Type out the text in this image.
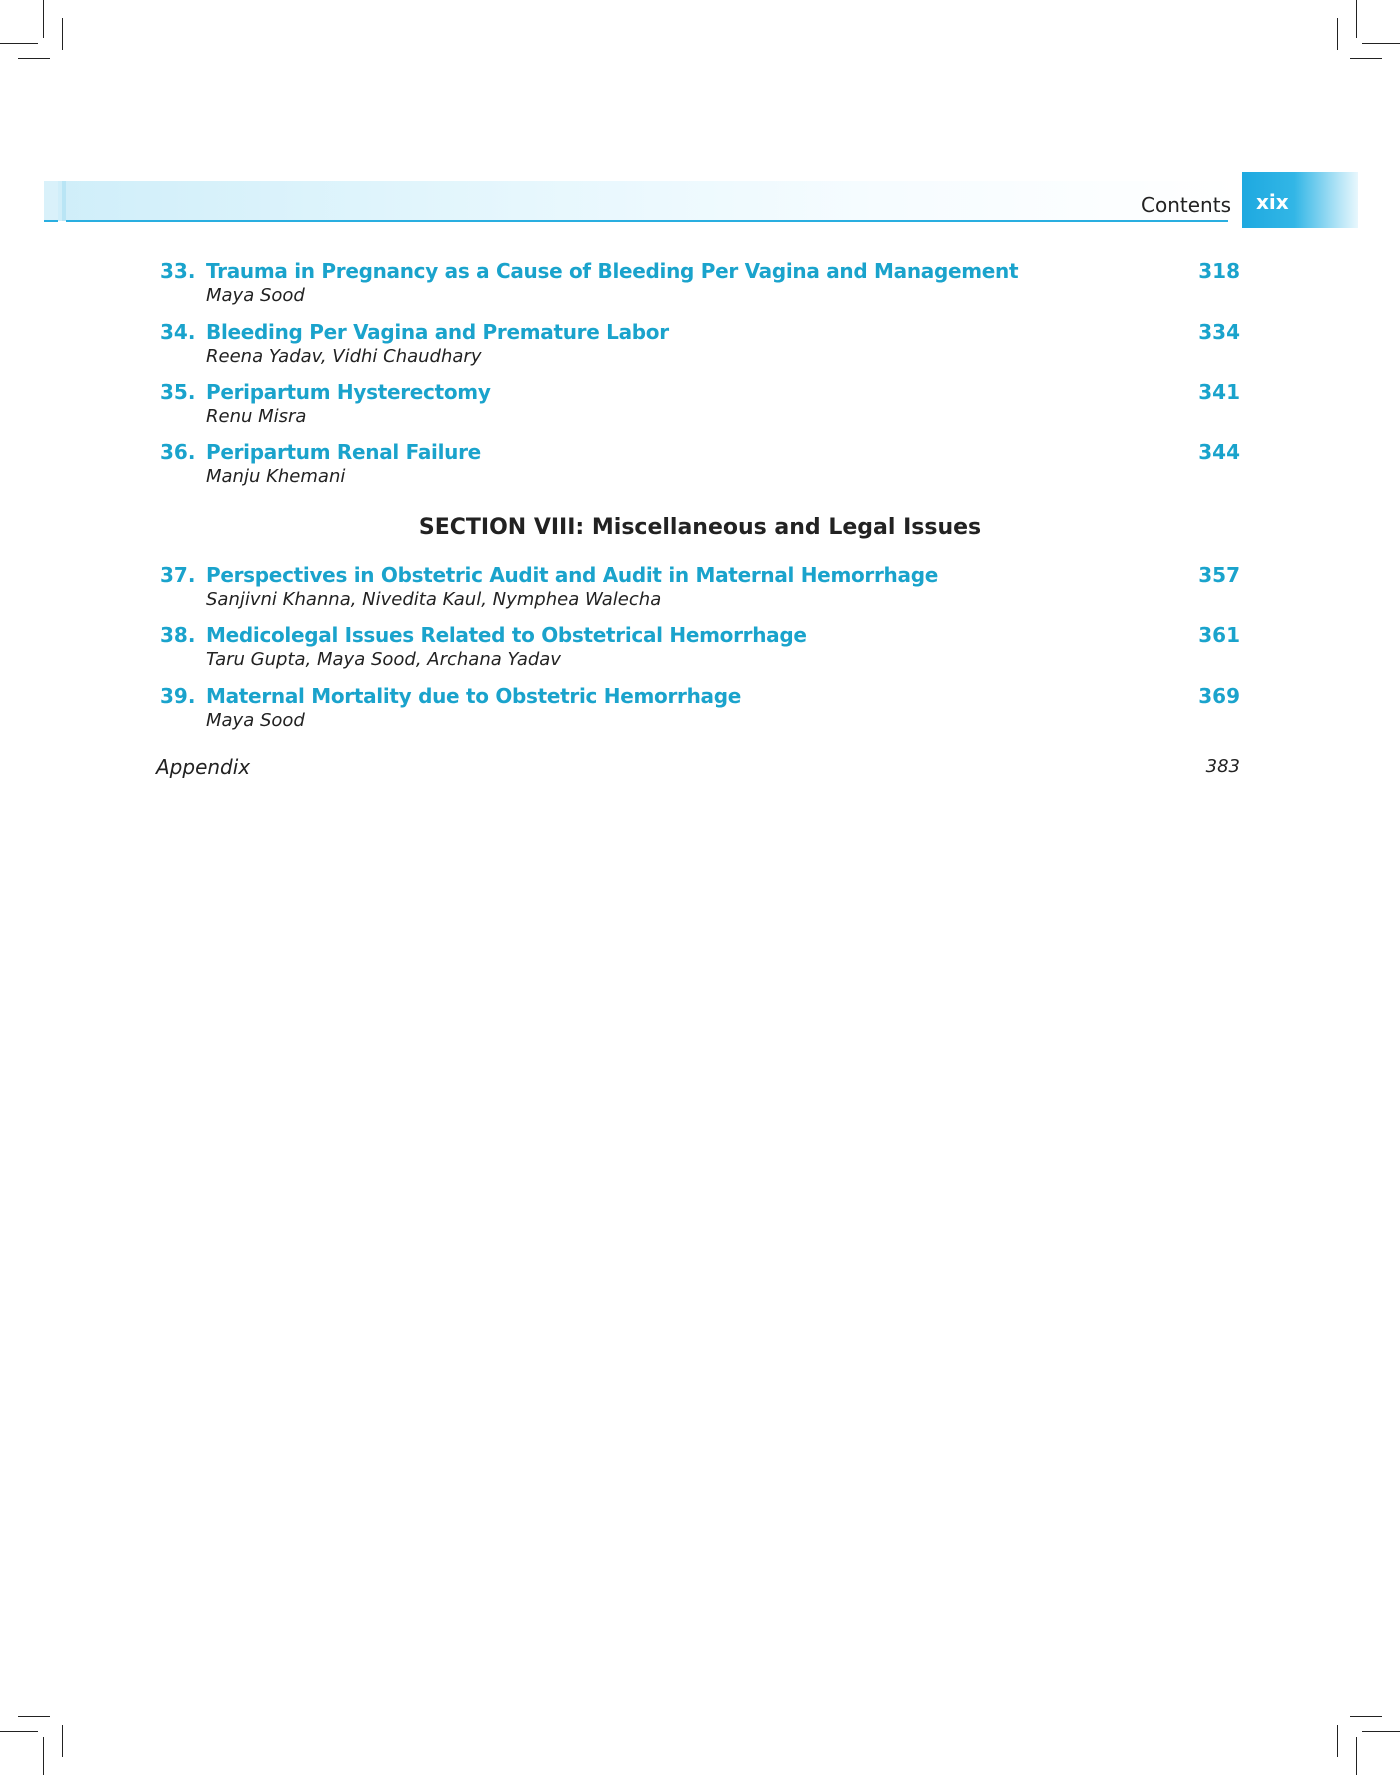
Contents xix
33. Trauma in Pregnancy as a Cause of Bleeding Per Vagina and Management	318
Maya Sood
34. Bleeding Per Vagina and Premature Labor	334
Reena Yadav, Vidhi Chaudhary
35. Peripartum Hysterectomy	341
Renu Misra
36. Peripartum Renal Failure	344
Manju Khemani
SECTION VIII: Miscellaneous and Legal Issues
37. Perspectives in Obstetric Audit and Audit in Maternal Hemorrhage	357
Sanjivni Khanna, Nivedita Kaul, Nymphea Walecha
38. Medicolegal Issues Related to Obstetrical Hemorrhage	361
Taru Gupta, Maya Sood, Archana Yadav
39. Maternal Mortality due to Obstetric Hemorrhage	369
Maya Sood
Appendix	383
